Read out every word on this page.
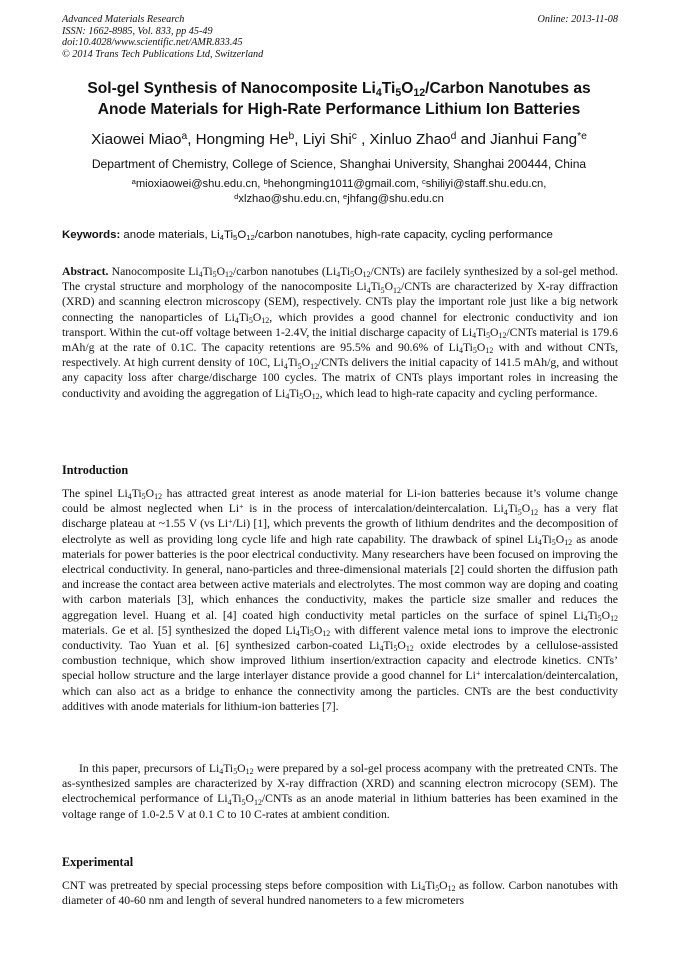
Advanced Materials Research
ISSN: 1662-8985, Vol. 833, pp 45-49
doi:10.4028/www.scientific.net/AMR.833.45
© 2014 Trans Tech Publications Ltd, Switzerland
Online: 2013-11-08
Sol-gel Synthesis of Nanocomposite $Li_4Ti_5O_{12}$/Carbon Nanotubes as
Anode Materials for High-Rate Performance Lithium Ion Batteries
Xiaowei Miao$^a$, Hongming He$^b$, Liyi Shi$^c$ , Xinluo Zhao$^d$ and Jianhui Fang$^{*e}$
Department of Chemistry, College of Science, Shanghai University, Shanghai 200444, China
$^a$mioxiaowei@shu.edu.cn, $^b$hehongming1011@gmail.com, $^c$shiliyi@staff.shu.edu.cn,
$^d$xlzhao@shu.edu.cn, $^e$jhfang@shu.edu.cn
Keywords: anode materials, $Li_4Ti_5O_{12}$/carbon nanotubes, high-rate capacity, cycling performance
Abstract. Nanocomposite $Li_4Ti_5O_{12}$/carbon nanotubes $(Li_4Ti_5O_{12}/CNTs)$ are facilely synthesized by a sol-gel method. The crystal structure and morphology of the nanocomposite $Li_4Ti_5O_{12}$/CNTs are characterized by X-ray diffraction (XRD) and scanning electron microscopy (SEM), respectively. CNTs play the important role just like a big network connecting the nanoparticles of $Li_4Ti_5O_{12}$, which provides a good channel for electronic conductivity and ion transport. Within the cut-off voltage between 1-2.4V, the initial discharge capacity of $Li_4Ti_5O_{12}$/CNTs material is 179.6 mAh/g at the rate of 0.1C. The capacity retentions are 95.5% and 90.6% of $Li_4Ti_5O_{12}$ with and without CNTs, respectively. At high current density of 10C, $Li_4Ti_5O_{12}$/CNTs delivers the initial capacity of 141.5 mAh/g, and without any capacity loss after charge/discharge 100 cycles. The matrix of CNTs plays important roles in increasing the conductivity and avoiding the aggregation of $Li_4Ti_5O_{12}$, which lead to high-rate capacity and cycling performance.
Introduction
The spinel $Li_4Ti_5O_{12}$ has attracted great interest as anode material for Li-ion batteries because it’s volume change could be almost neglected when Li+ is in the process of intercalation/deintercalation. $Li_4Ti_5O_{12}$ has a very flat discharge plateau at ~1.55 V (vs Li+/Li) [1], which prevents the growth of lithium dendrites and the decomposition of electrolyte as well as providing long cycle life and high rate capability. The drawback of spinel $Li_4Ti_5O_{12}$ as anode materials for power batteries is the poor electrical conductivity. Many researchers have been focused on improving the electrical conductivity. In general, nano-particles and three-dimensional materials [2] could shorten the diffusion path and increase the contact area between active materials and electrolytes. The most common way are doping and coating with carbon materials [3], which enhances the conductivity, makes the particle size smaller and reduces the aggregation level. Huang et al. [4] coated high conductivity metal particles on the surface of spinel $Li_4Ti_5O_{12}$ materials. Ge et al. [5] synthesized the doped $Li_4Ti_5O_{12}$ with different valence metal ions to improve the electronic conductivity. Tao Yuan et al. [6] synthesized carbon-coated $Li_4Ti_5O_{12}$ oxide electrodes by a cellulose-assisted combustion technique, which show improved lithium insertion/extraction capacity and electrode kinetics. CNTs’ special hollow structure and the large interlayer distance provide a good channel for Li+ intercalation/deintercalation, which can also act as a bridge to enhance the connectivity among the particles. CNTs are the best conductivity additives with anode materials for lithium-ion batteries [7].
In this paper, precursors of $Li_4Ti_5O_{12}$ were prepared by a sol-gel process acompany with the pretreated CNTs. The as-synthesized samples are characterized by X-ray diffraction (XRD) and scanning electron microcopy (SEM). The electrochemical performance of $Li_4Ti_5O_{12}$/CNTs as an anode material in lithium batteries has been examined in the voltage range of 1.0-2.5 V at 0.1 C to 10 C-rates at ambient condition.
Experimental
CNT was pretreated by special processing steps before composition with $Li_4Ti_5O_{12}$ as follow. Carbon nanotubes with diameter of 40-60 nm and length of several hundred nanometers to a few micrometers
